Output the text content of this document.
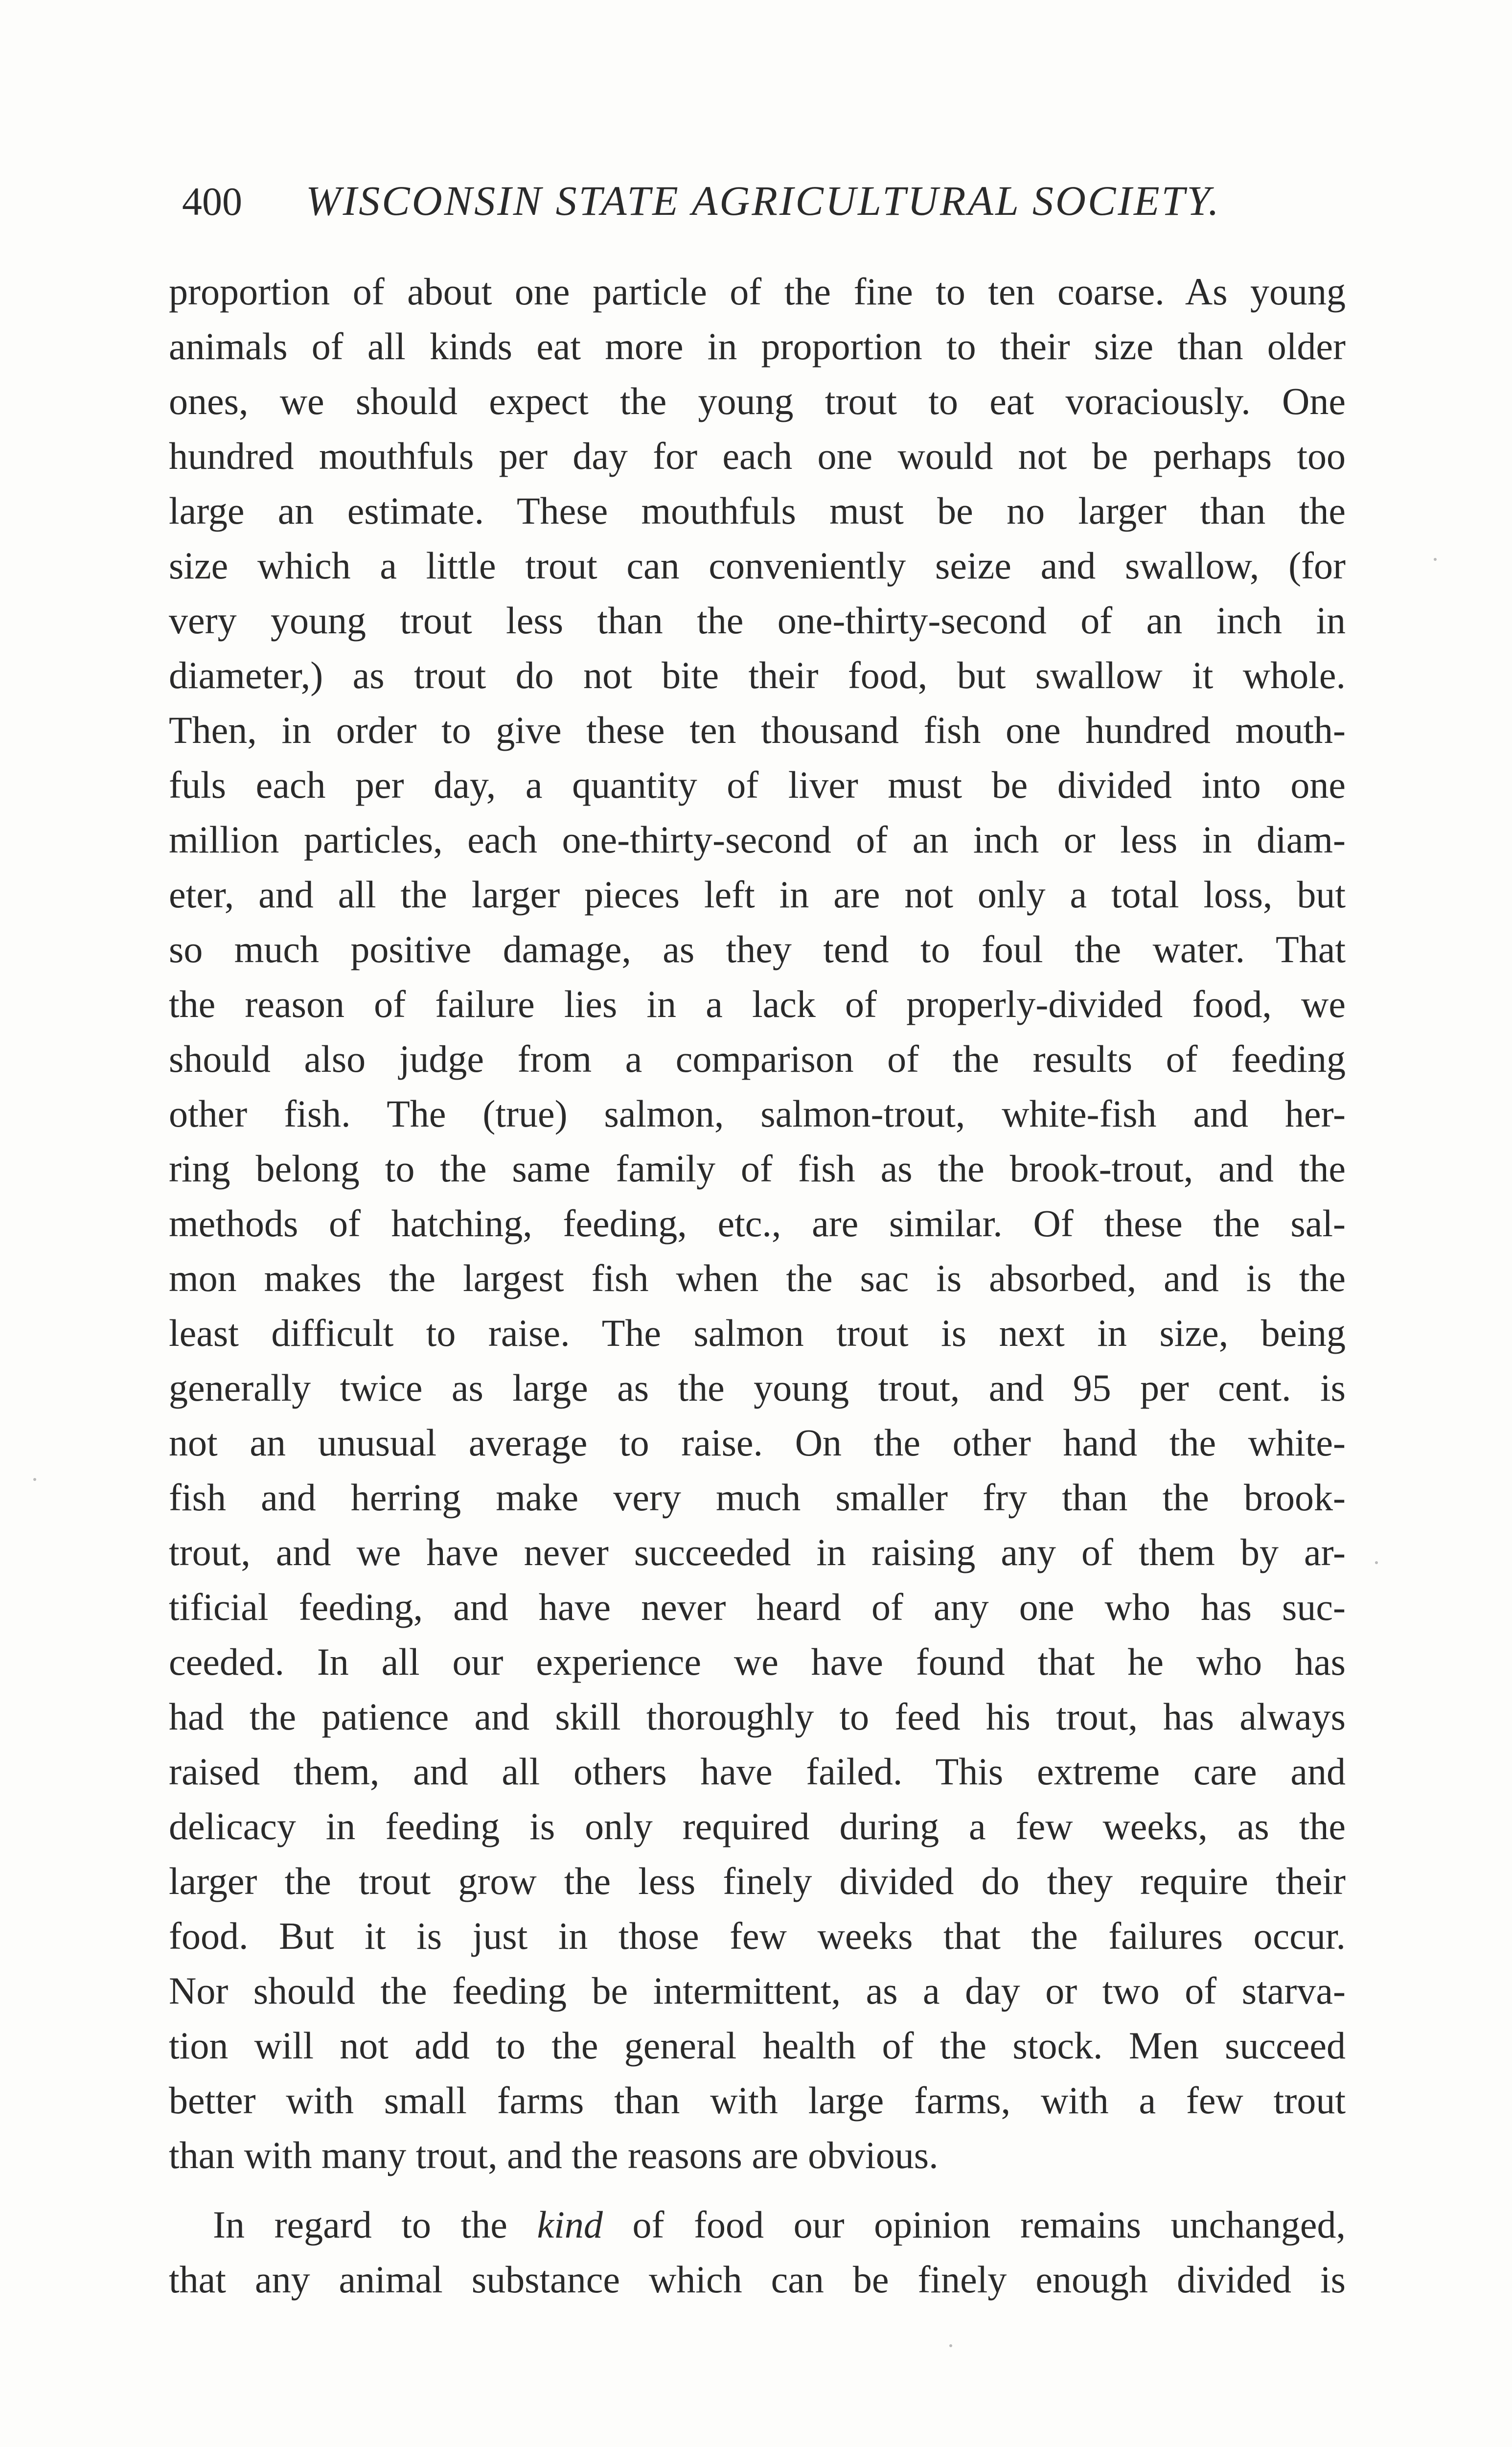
400 WISCONSIN STATE AGRICULTURAL SOCIETY.
proportion of about one particle of the fine to ten coarse. As young
animals of all kinds eat more in proportion to their size than older
ones, we should expect the young trout to eat voraciously. One
hundred mouthfuls per day for each one would not be perhaps too
large an estimate. These mouthfuls must be no larger than the
size which a little trout can conveniently seize and swallow, (for
very young trout less than the one-thirty-second of an inch in
diameter,) as trout do not bite their food, but swallow it whole.
Then, in order to give these ten thousand fish one hundred mouth-
fuls each per day, a quantity of liver must be divided into one
million particles, each one-thirty-second of an inch or less in diam-
eter, and all the larger pieces left in are not only a total loss, but
so much positive damage, as they tend to foul the water. That
the reason of failure lies in a lack of properly-divided food, we
should also judge from a comparison of the results of feeding
other fish. The (true) salmon, salmon-trout, white-fish and her-
ring belong to the same family of fish as the brook-trout, and the
methods of hatching, feeding, etc., are similar. Of these the sal-
mon makes the largest fish when the sac is absorbed, and is the
least difficult to raise. The salmon trout is next in size, being
generally twice as large as the young trout, and 95 per cent. is
not an unusual average to raise. On the other hand the white-
fish and herring make very much smaller fry than the brook-
trout, and we have never succeeded in raising any of them by ar-
tificial feeding, and have never heard of any one who has suc-
ceeded. In all our experience we have found that he who has
had the patience and skill thoroughly to feed his trout, has always
raised them, and all others have failed. This extreme care and
delicacy in feeding is only required during a few weeks, as the
larger the trout grow the less finely divided do they require their
food. But it is just in those few weeks that the failures occur.
Nor should the feeding be intermittent, as a day or two of starva-
tion will not add to the general health of the stock. Men succeed
better with small farms than with large farms, with a few trout
than with many trout, and the reasons are obvious.
In regard to the kind of food our opinion remains unchanged,
that any animal substance which can be finely enough divided is
